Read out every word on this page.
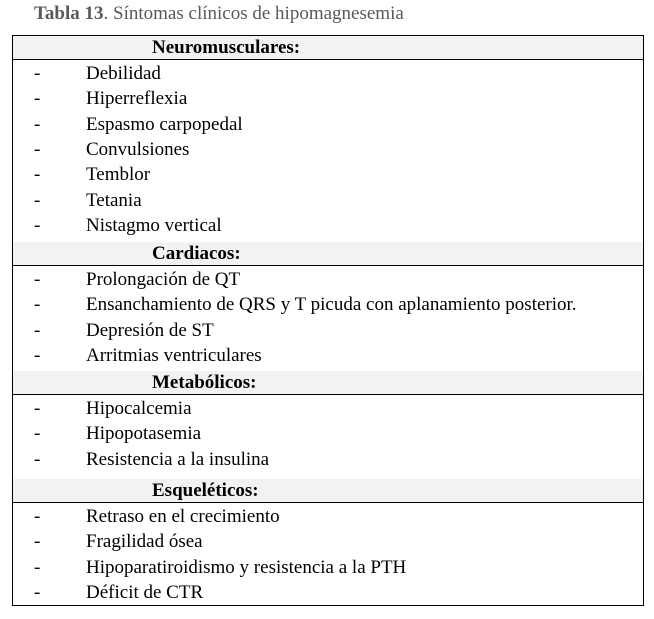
Tabla 13. Síntomas clínicos de hipomagnesemia
Neuromusculares:
- Debilidad
- Hiperreflexia
- Espasmo carpopedal
- Convulsiones
- Temblor
- Tetania
- Nistagmo vertical
Cardiacos:
- Prolongación de QT
- Ensanchamiento de QRS y T picuda con aplanamiento posterior.
- Depresión de ST
- Arritmias ventriculares
Metabólicos:
- Hipocalcemia
- Hipopotasemia
- Resistencia a la insulina
Esqueléticos:
- Retraso en el crecimiento
- Fragilidad ósea
- Hipoparatiroidismo y resistencia a la PTH
- Déficit de CTR
